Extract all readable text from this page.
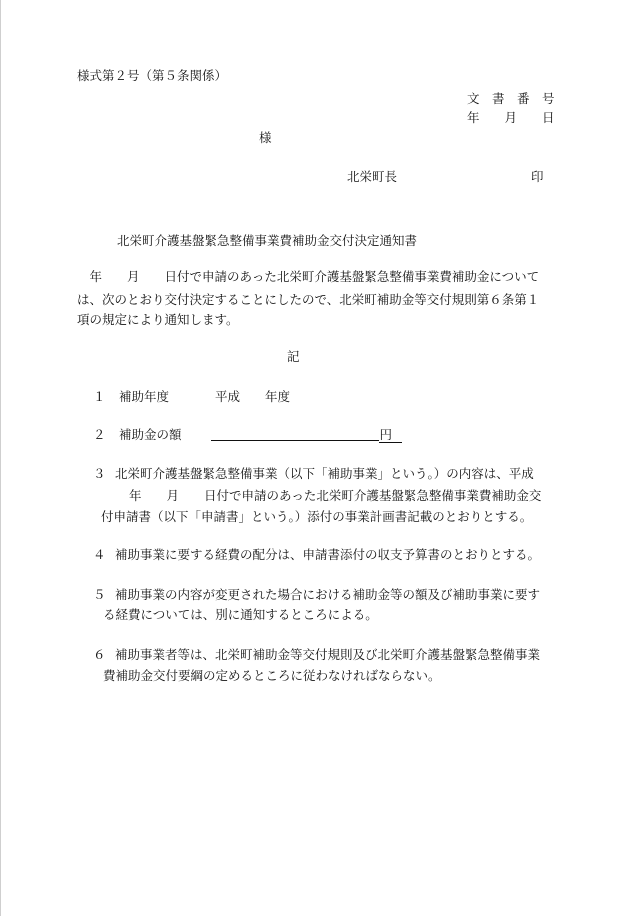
様式第２号（第５条関係）
文　書　番　号
年　　月　　日
様
北栄町長	印
北栄町介護基盤緊急整備事業費補助金交付決定通知書
　年　　月　　日付で申請のあった北栄町介護基盤緊急整備事業費補助金について
は、次のとおり交付決定することにしたので、北栄町補助金等交付規則第６条第１
項の規定により通知します。
記
１ 補助年度	平成　　年度
２ 補助金の額	円
３ 北栄町介護基盤緊急整備事業（以下「補助事業」という。）の内容は、平成
年　　月　　日付で申請のあった北栄町介護基盤緊急整備事業費補助金交
付申請書（以下「申請書」という。）添付の事業計画書記載のとおりとする。
４ 補助事業に要する経費の配分は、申請書添付の収支予算書のとおりとする。
５ 補助事業の内容が変更された場合における補助金等の額及び補助事業に要す
る経費については、別に通知するところによる。
６ 補助事業者等は、北栄町補助金等交付規則及び北栄町介護基盤緊急整備事業
費補助金交付要綱の定めるところに従わなければならない。
